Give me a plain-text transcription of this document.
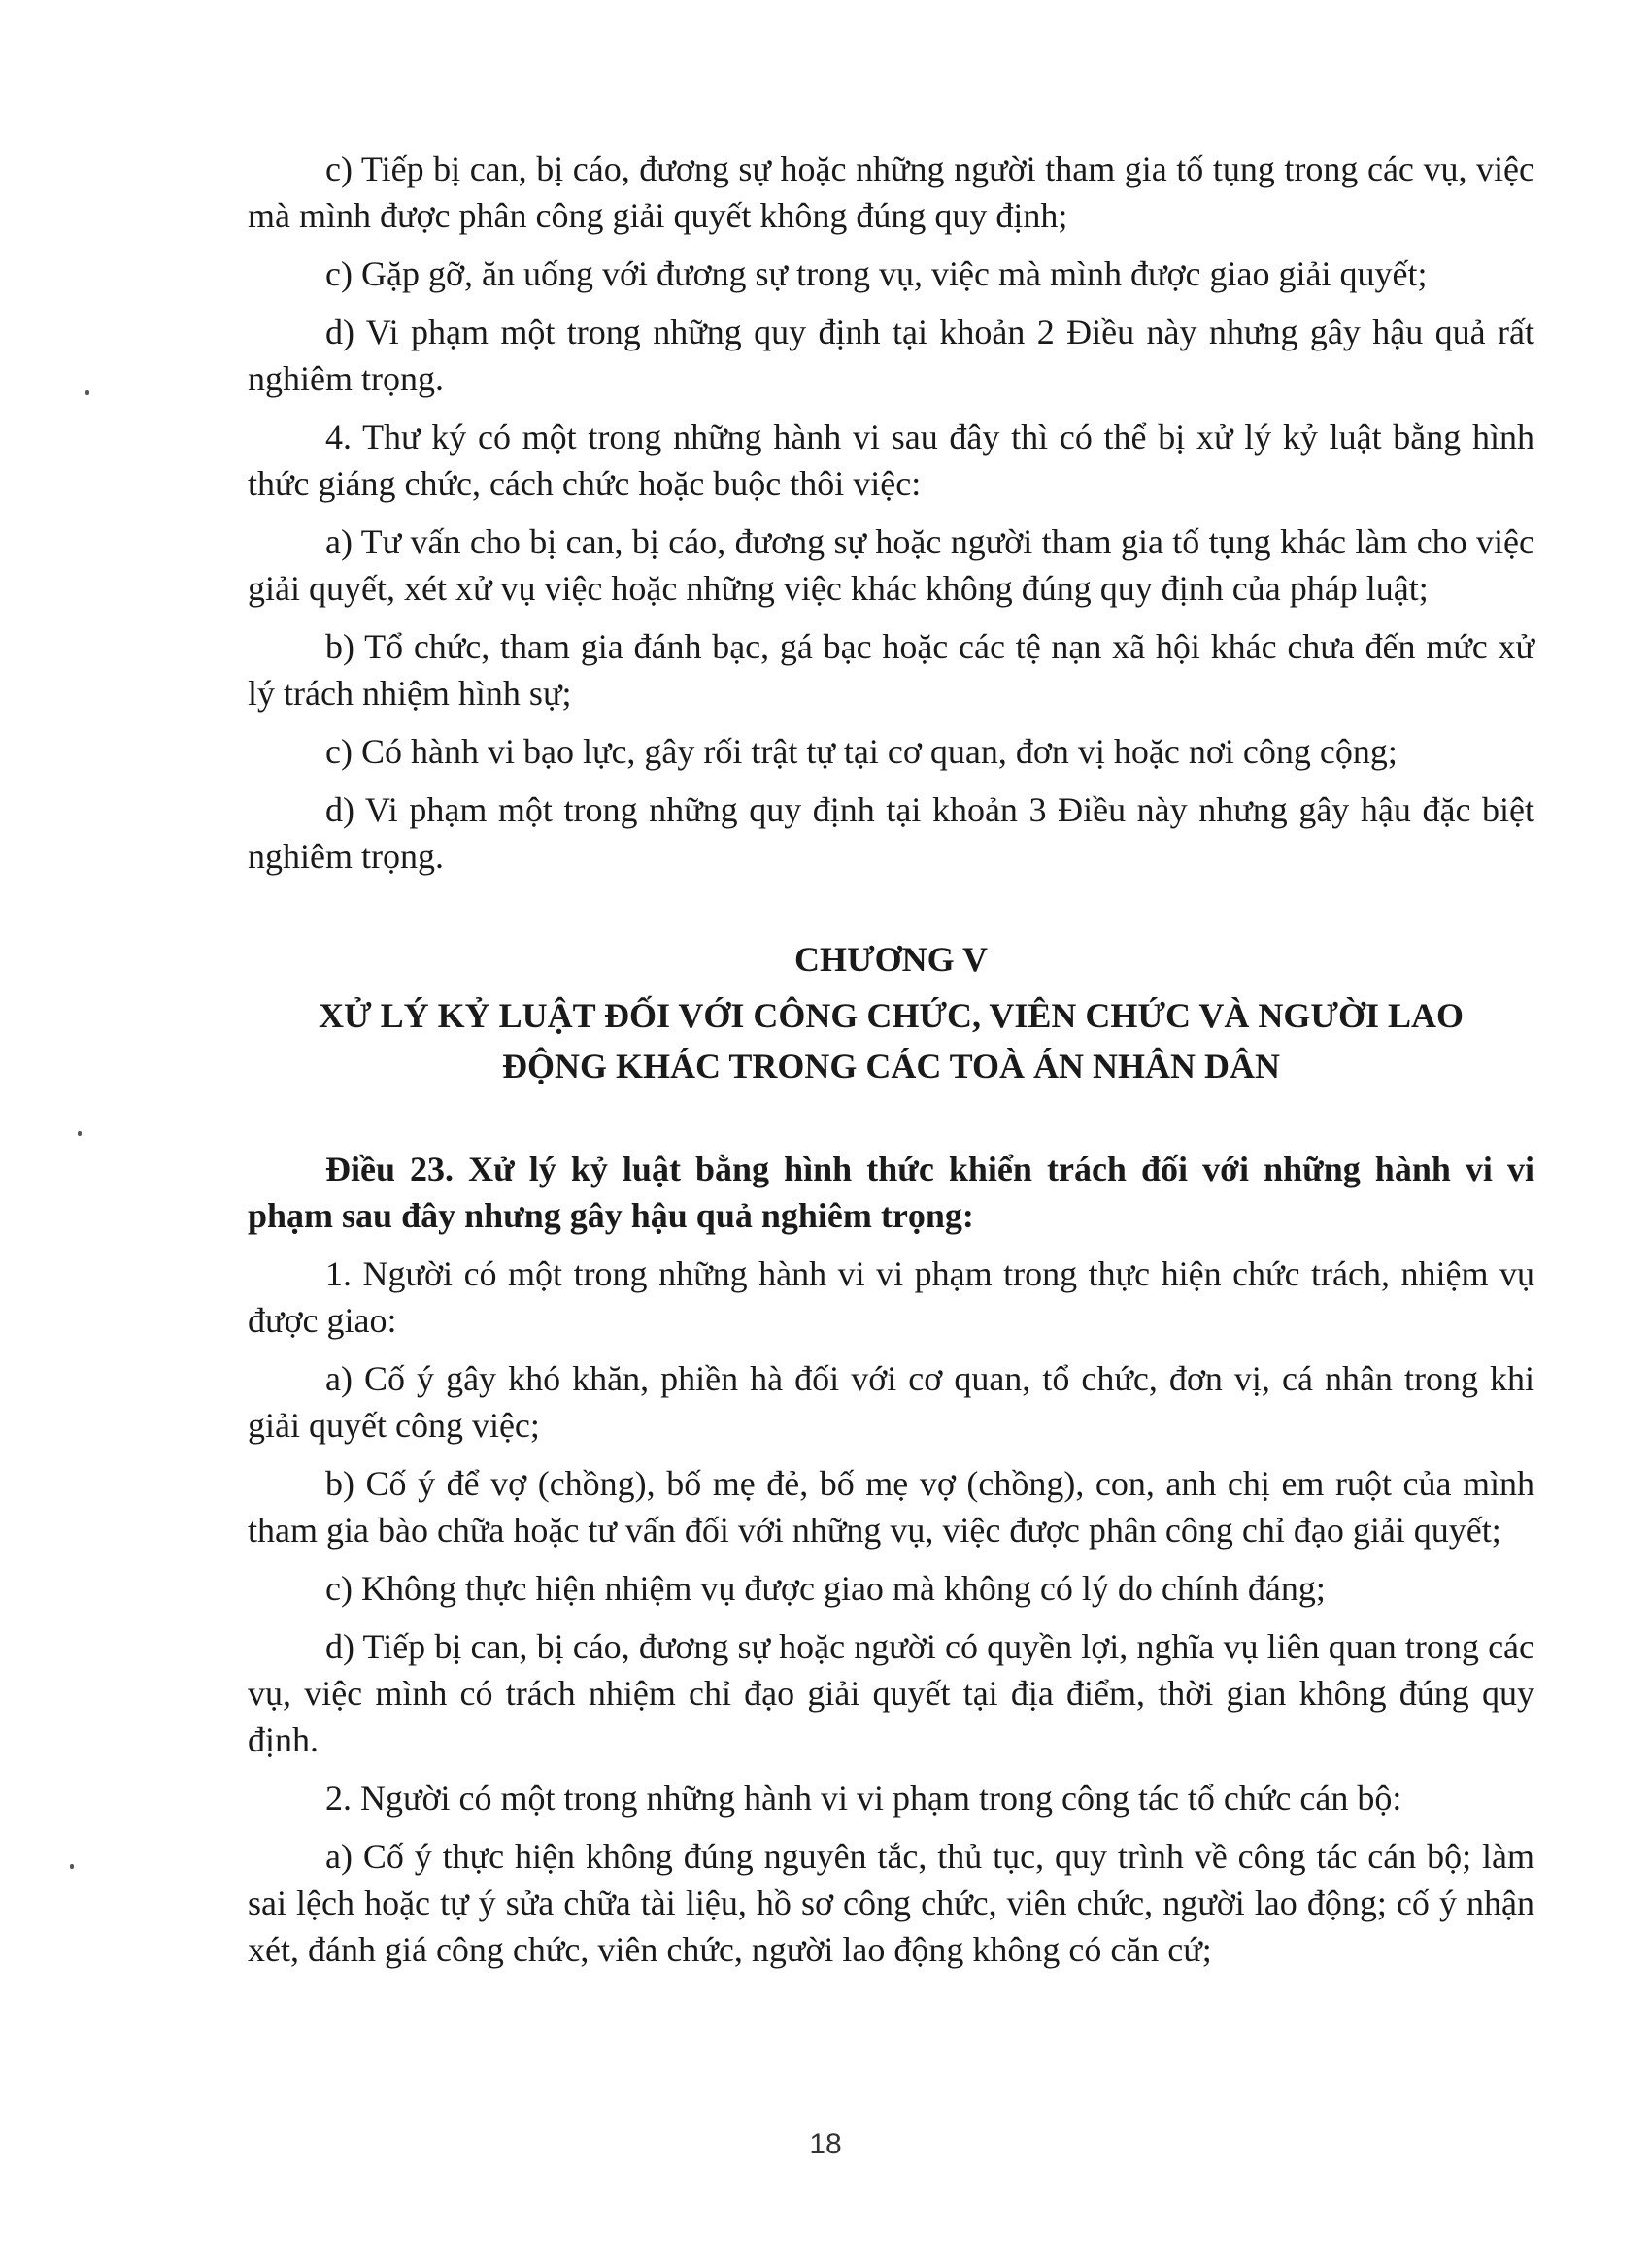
c) Tiếp bị can, bị cáo, đương sự hoặc những người tham gia tố tụng trong các vụ, việc mà mình được phân công giải quyết không đúng quy định;

c) Gặp gỡ, ăn uống với đương sự trong vụ, việc mà mình được giao giải quyết;

d) Vi phạm một trong những quy định tại khoản 2 Điều này nhưng gây hậu quả rất nghiêm trọng.

4. Thư ký có một trong những hành vi sau đây thì có thể bị xử lý kỷ luật bằng hình thức giáng chức, cách chức hoặc buộc thôi việc:

a) Tư vấn cho bị can, bị cáo, đương sự hoặc người tham gia tố tụng khác làm cho việc giải quyết, xét xử vụ việc hoặc những việc khác không đúng quy định của pháp luật;

b) Tổ chức, tham gia đánh bạc, gá bạc hoặc các tệ nạn xã hội khác chưa đến mức xử lý trách nhiệm hình sự;

c) Có hành vi bạo lực, gây rối trật tự tại cơ quan, đơn vị hoặc nơi công cộng;

d) Vi phạm một trong những quy định tại khoản 3 Điều này nhưng gây hậu đặc biệt nghiêm trọng.

CHƯƠNG V

XỬ LÝ KỶ LUẬT ĐỐI VỚI CÔNG CHỨC, VIÊN CHỨC VÀ NGƯỜI LAO

ĐỘNG KHÁC TRONG CÁC TOÀ ÁN NHÂN DÂN

Điều 23. Xử lý kỷ luật bằng hình thức khiển trách đối với những hành vi vi phạm sau đây nhưng gây hậu quả nghiêm trọng:

1. Người có một trong những hành vi vi phạm trong thực hiện chức trách, nhiệm vụ được giao:

a) Cố ý gây khó khăn, phiền hà đối với cơ quan, tổ chức, đơn vị, cá nhân trong khi giải quyết công việc;

b) Cố ý để vợ (chồng), bố mẹ đẻ, bố mẹ vợ (chồng), con, anh chị em ruột của mình tham gia bào chữa hoặc tư vấn đối với những vụ, việc được phân công chỉ đạo giải quyết;

c) Không thực hiện nhiệm vụ được giao mà không có lý do chính đáng;

d) Tiếp bị can, bị cáo, đương sự hoặc người có quyền lợi, nghĩa vụ liên quan trong các vụ, việc mình có trách nhiệm chỉ đạo giải quyết tại địa điểm, thời gian không đúng quy định.

2. Người có một trong những hành vi vi phạm trong công tác tổ chức cán bộ:

a) Cố ý thực hiện không đúng nguyên tắc, thủ tục, quy trình về công tác cán bộ; làm sai lệch hoặc tự ý sửa chữa tài liệu, hồ sơ công chức, viên chức, người lao động; cố ý nhận xét, đánh giá công chức, viên chức, người lao động không có căn cứ;

18
